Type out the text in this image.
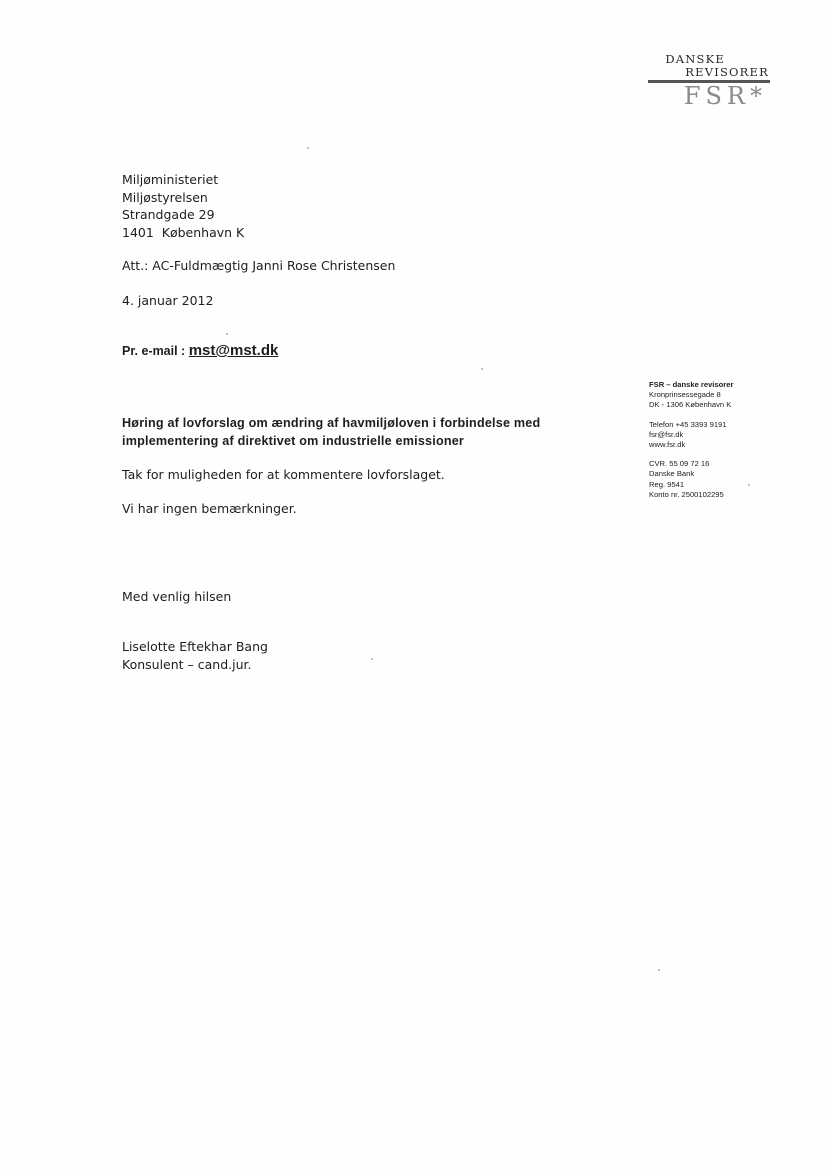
DANSKE
REVISORER
FSR*
Miljøministeriet
Miljøstyrelsen
Strandgade 29
1401  København K
Att.: AC-Fuldmægtig Janni Rose Christensen
4. januar 2012
Pr. e-mail : mst@mst.dk
FSR – danske revisorer
Kronprinsessegade 8
DK - 1306 København K
Telefon +45 3393 9191
fsr@fsr.dk
www.fsr.dk
CVR. 55 09 72 16
Danske Bank
Reg. 9541
Konto nr. 2500102295
Høring af lovforslag om ændring af havmiljøloven i forbindelse med
implementering af direktivet om industrielle emissioner
Tak for muligheden for at kommentere lovforslaget.
Vi har ingen bemærkninger.
Med venlig hilsen
Liselotte Eftekhar Bang
Konsulent – cand.jur.
